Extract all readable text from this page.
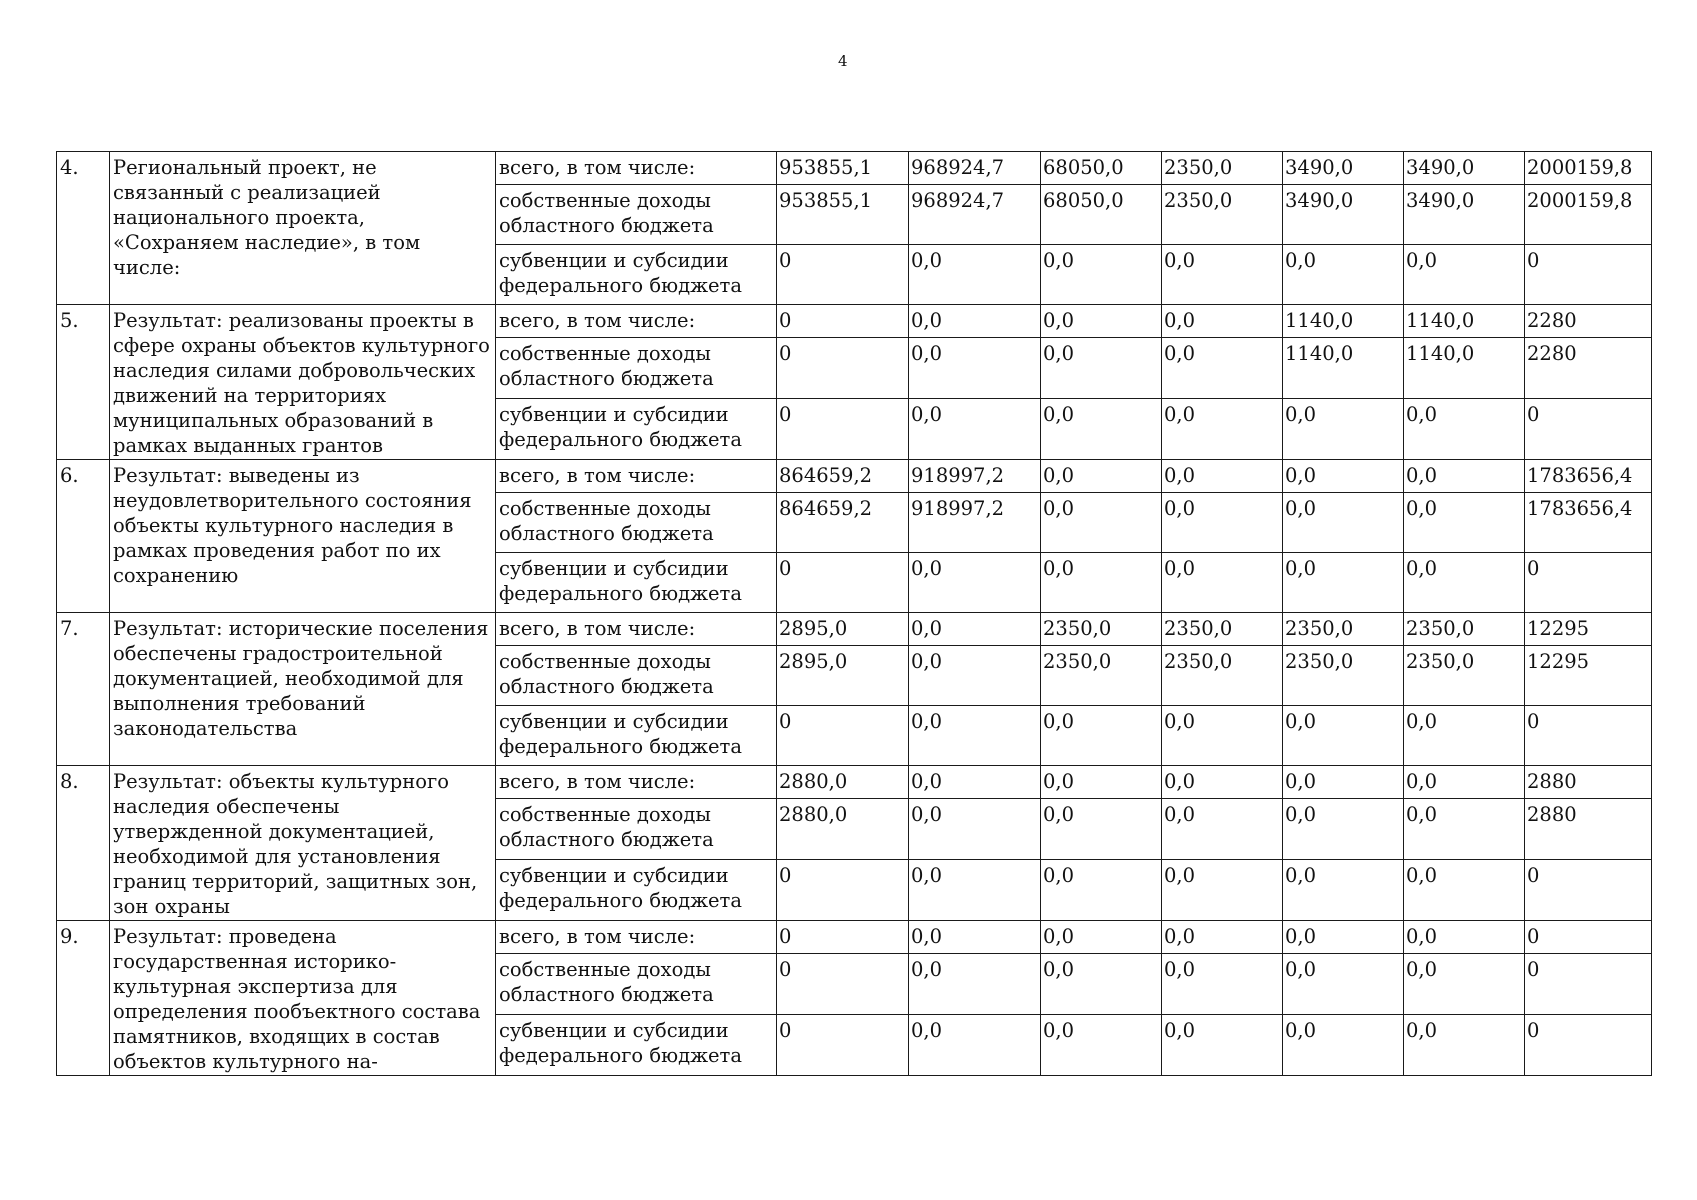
4
4.	Региональный проект, не связанный с реализацией национального проекта, «Сохраняем наследие», в том числе:	всего, в том числе:	953855,1	968924,7	68050,0	2350,0	3490,0	3490,0	2000159,8
		собственные доходы областного бюджета	953855,1	968924,7	68050,0	2350,0	3490,0	3490,0	2000159,8
		субвенции и субсидии федерального бюджета	0	0,0	0,0	0,0	0,0	0,0	0
5.	Результат: реализованы проекты в сфере охраны объектов культурного наследия силами добровольческих движений на территориях муниципальных образований в рамках выданных грантов	всего, в том числе:	0	0,0	0,0	0,0	1140,0	1140,0	2280
		собственные доходы областного бюджета	0	0,0	0,0	0,0	1140,0	1140,0	2280
		субвенции и субсидии федерального бюджета	0	0,0	0,0	0,0	0,0	0,0	0
6.	Результат: выведены из неудовлетворительного состояния объекты культурного наследия в рамках проведения работ по их сохранению	всего, в том числе:	864659,2	918997,2	0,0	0,0	0,0	0,0	1783656,4
		собственные доходы областного бюджета	864659,2	918997,2	0,0	0,0	0,0	0,0	1783656,4
		субвенции и субсидии федерального бюджета	0	0,0	0,0	0,0	0,0	0,0	0
7.	Результат: исторические поселения обеспечены градостроительной документацией, необходимой для выполнения требований законодательства	всего, в том числе:	2895,0	0,0	2350,0	2350,0	2350,0	2350,0	12295
		собственные доходы областного бюджета	2895,0	0,0	2350,0	2350,0	2350,0	2350,0	12295
		субвенции и субсидии федерального бюджета	0	0,0	0,0	0,0	0,0	0,0	0
8.	Результат: объекты культурного наследия обеспечены утвержденной документацией, необходимой для установления границ территорий, защитных зон, зон охраны	всего, в том числе:	2880,0	0,0	0,0	0,0	0,0	0,0	2880
		собственные доходы областного бюджета	2880,0	0,0	0,0	0,0	0,0	0,0	2880
		субвенции и субсидии федерального бюджета	0	0,0	0,0	0,0	0,0	0,0	0
9.	Результат: проведена государственная историко-культурная экспертиза для определения пообъектного состава памятников, входящих в состав объектов культурного на-	всего, в том числе:	0	0,0	0,0	0,0	0,0	0,0	0
		собственные доходы областного бюджета	0	0,0	0,0	0,0	0,0	0,0	0
		субвенции и субсидии федерального бюджета	0	0,0	0,0	0,0	0,0	0,0	0
